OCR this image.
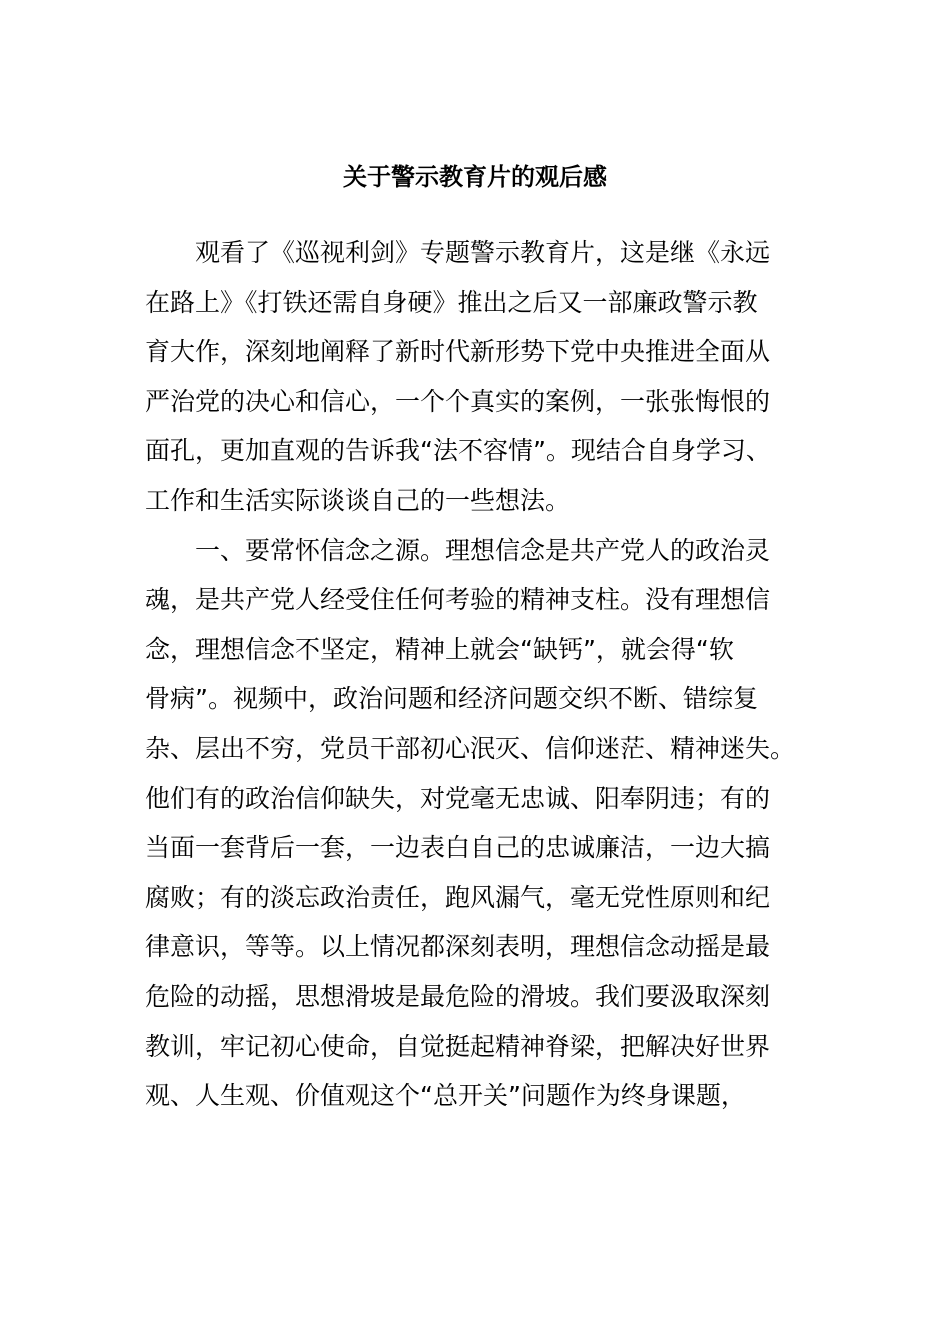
关于警示教育片的观后感
观看了《巡视利剑》专题警示教育片，这是继《永远
在路上》《打铁还需自身硬》推出之后又一部廉政警示教
育大作，深刻地阐释了新时代新形势下党中央推进全面从
严治党的决心和信心，一个个真实的案例，一张张悔恨的
面孔，更加直观的告诉我“法不容情”。现结合自身学习、
工作和生活实际谈谈自己的一些想法。
一、要常怀信念之源。理想信念是共产党人的政治灵
魂，是共产党人经受住任何考验的精神支柱。没有理想信
念，理想信念不坚定，精神上就会“缺钙”，就会得“软
骨病”。视频中，政治问题和经济问题交织不断、错综复
杂、层出不穷，党员干部初心泯灭、信仰迷茫、精神迷失。
他们有的政治信仰缺失，对党毫无忠诚、阳奉阴违；有的
当面一套背后一套，一边表白自己的忠诚廉洁，一边大搞
腐败；有的淡忘政治责任，跑风漏气，毫无党性原则和纪
律意识，等等。以上情况都深刻表明，理想信念动摇是最
危险的动摇，思想滑坡是最危险的滑坡。我们要汲取深刻
教训，牢记初心使命，自觉挺起精神脊梁，把解决好世界
观、人生观、价值观这个“总开关”问题作为终身课题，
